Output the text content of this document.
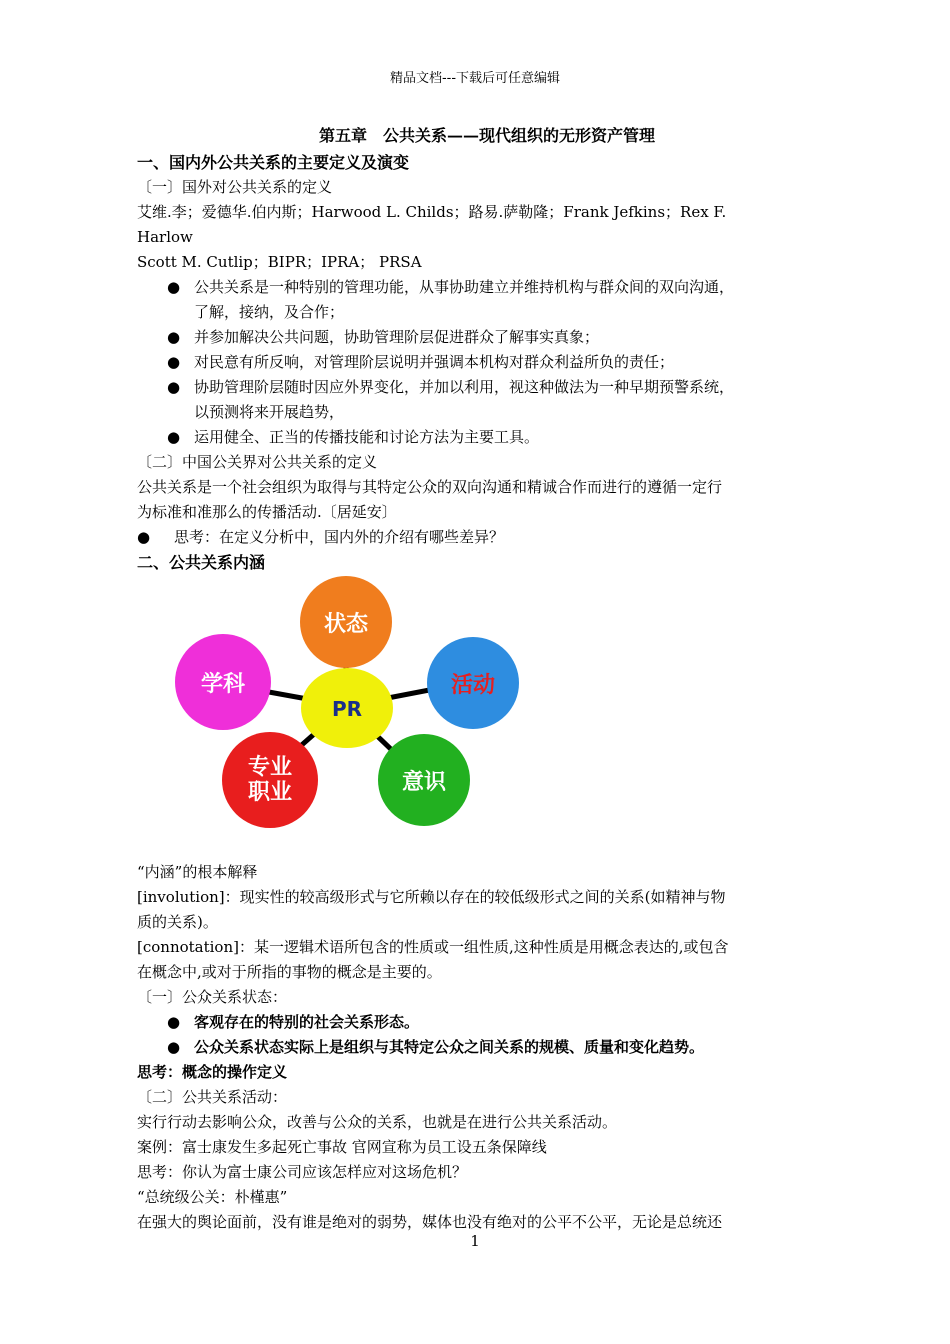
精品文档---下载后可任意编辑
第五章　公共关系——现代组织的无形资产管理
一、国内外公共关系的主要定义及演变
〔一〕国外对公共关系的定义
艾维.李；爱德华.伯内斯；Harwood L. Childs；路易.萨勒隆；Frank Jefkins；Rex F.
Harlow
Scott M. Cutlip；BIPR；IPRA； PRSA
● 公共关系是一种特别的管理功能，从事协助建立并维持机构与群众间的双向沟通，
了解，接纳，及合作；
● 并参加解决公共问题，协助管理阶层促进群众了解事实真象；
● 对民意有所反响，对管理阶层说明并强调本机构对群众利益所负的责任；
● 协助管理阶层随时因应外界变化，并加以利用，视这种做法为一种早期预警系统，
以预测将来开展趋势，
● 运用健全、正当的传播技能和讨论方法为主要工具。
〔二〕中国公关界对公共关系的定义
公共关系是一个社会组织为取得与其特定公众的双向沟通和精诚合作而进行的遵循一定行
为标准和准那么的传播活动.〔居延安〕
● 思考：在定义分析中，国内外的介绍有哪些差异？
二、公共关系内涵
状态
活动
意识
专业
职业
学科
PR
“内涵”的根本解释
[involution]：现实性的较高级形式与它所赖以存在的较低级形式之间的关系(如精神与物
质的关系)。
[connotation]：某一逻辑术语所包含的性质或一组性质,这种性质是用概念表达的,或包含
在概念中,或对于所指的事物的概念是主要的。
〔一〕公众关系状态：
● 客观存在的特别的社会关系形态。
● 公众关系状态实际上是组织与其特定公众之间关系的规模、质量和变化趋势。
思考：概念的操作定义
〔二〕公共关系活动：
实行行动去影响公众，改善与公众的关系，也就是在进行公共关系活动。
案例：富士康发生多起死亡事故 官网宣称为员工设五条保障线
思考：你认为富士康公司应该怎样应对这场危机？
“总统级公关：朴槿惠”
在强大的舆论面前，没有谁是绝对的弱势，媒体也没有绝对的公平不公平，无论是总统还
1
